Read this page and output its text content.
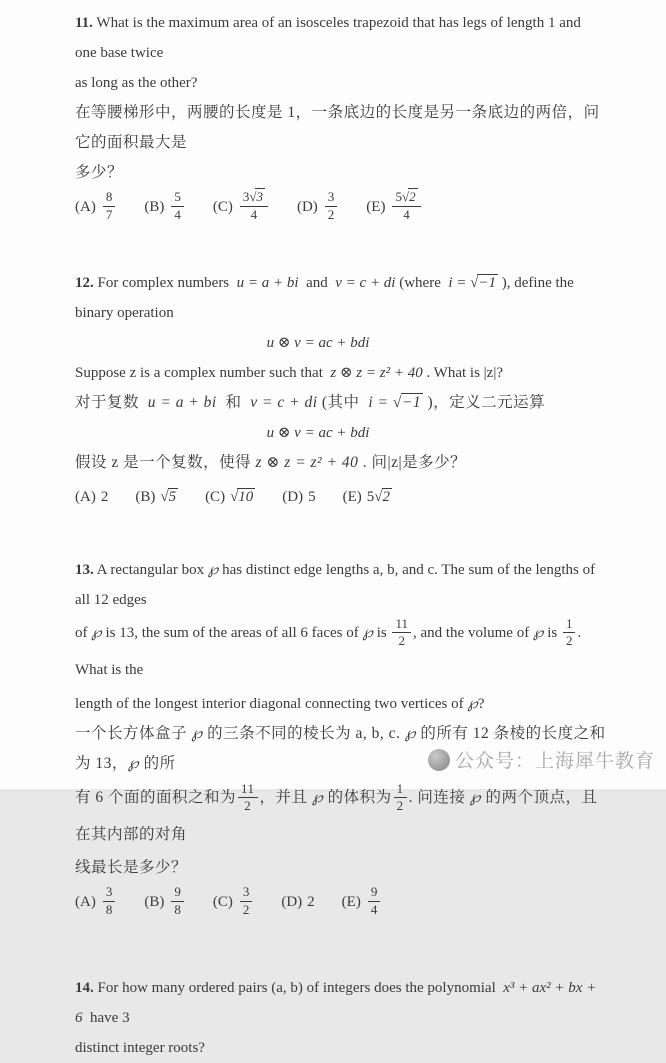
11. What is the maximum area of an isosceles trapezoid that has legs of length 1 and one base twice
as long as the other?
在等腰梯形中，两腰的长度是 1，一条底边的长度是另一条底边的两倍，问它的面积最大是
多少？
$(A) \frac{8}{7} (B) \frac{5}{4} (C) \frac{3√3}{4} (D) \frac{3}{2} (E) \frac{5√2}{4}$
12. For complex numbers  u = a + bi  and  v = c + di (where  i = √−1 ), define the binary operation
u ⊗ v = ac + bdi
Suppose z is a complex number such that  z ⊗ z = z² + 40 . What is |z|?
对于复数  u = a + bi  和  v = c + di (其中  i = √−1 )，定义二元运算
u ⊗ v = ac + bdi
假设 z 是一个复数，使得 z ⊗ z = z² + 40 . 问|z|是多少？
(A) 2 (B) √5 (C) √10 (D) 5 (E) 5 √2
13. A rectangular box ℘ has distinct edge lengths a, b, and c. The sum of the lengths of all 12 edges
of ℘ is 13, the sum of the areas of all 6 faces of ℘ is $\frac{11}{2}$ , and the volume of ℘ is $\frac{1}{2}$ . What is the
length of the longest interior diagonal connecting two vertices of ℘?
一个长方体盒子 ℘ 的三条不同的棱长为 a, b, c. ℘ 的所有 12 条棱的长度之和为 13，℘ 的所
有 6 个面的面积之和为 $\frac{11}{2}$ ，并且 ℘ 的体积为 $\frac{1}{2}$ . 问连接 ℘ 的两个顶点，且在其内部的对角
线最长是多少？
$(A) \frac{3}{8} (B) \frac{9}{8} (C) \frac{3}{2} (D)$ 2 $(E) \frac{9}{4}$
14. For how many ordered pairs (a, b) of integers does the polynomial  x³ + ax² + bx + 6  have 3
distinct integer roots?
公众号：上海犀牛教育
